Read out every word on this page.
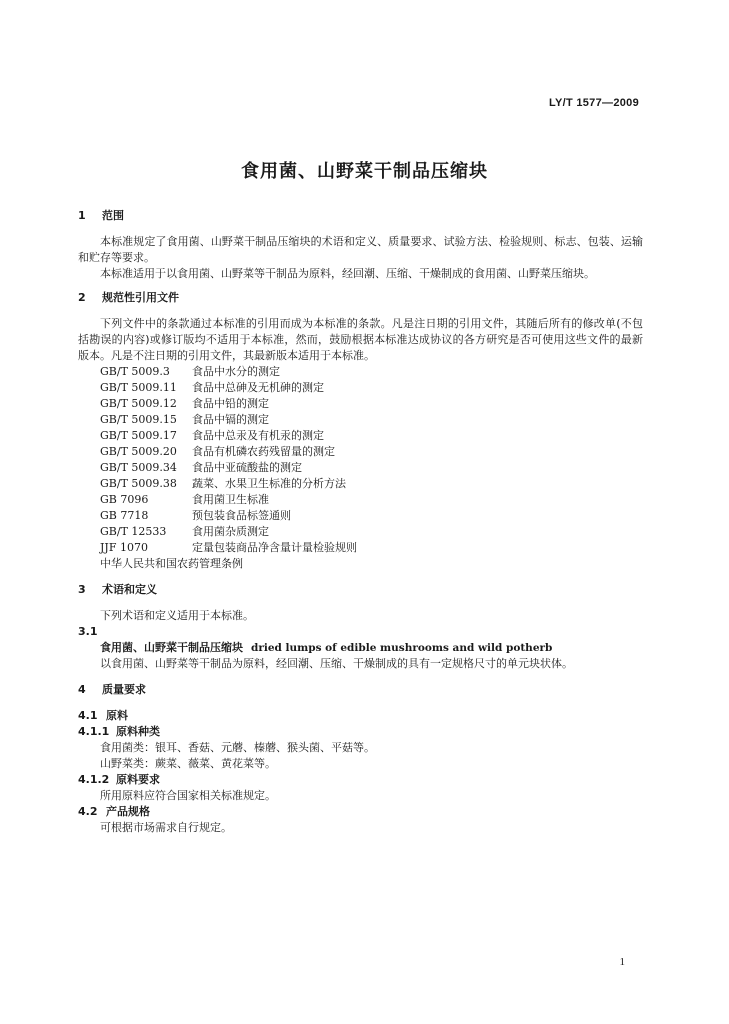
LY/T 1577—2009
食用菌、山野菜干制品压缩块

1 范围

本标准规定了食用菌、山野菜干制品压缩块的术语和定义、质量要求、试验方法、检验规则、标志、包装、运输和贮存等要求。

本标准适用于以食用菌、山野菜等干制品为原料，经回潮、压缩、干燥制成的食用菌、山野菜压缩块。

2 规范性引用文件

下列文件中的条款通过本标准的引用而成为本标准的条款。凡是注日期的引用文件，其随后所有的修改单(不包括勘误的内容)或修订版均不适用于本标准，然而，鼓励根据本标准达成协议的各方研究是否可使用这些文件的最新版本。凡是不注日期的引用文件，其最新版本适用于本标准。

GB/T 5009.3 食品中水分的测定

GB/T 5009.11 食品中总砷及无机砷的测定

GB/T 5009.12 食品中铅的测定

GB/T 5009.15 食品中镉的测定

GB/T 5009.17 食品中总汞及有机汞的测定

GB/T 5009.20 食品有机磷农药残留量的测定

GB/T 5009.34 食品中亚硫酸盐的测定

GB/T 5009.38 蔬菜、水果卫生标准的分析方法

GB 7096	食用菌卫生标准

GB 7718	预包装食品标签通则

GB/T 12533 食用菌杂质测定

JJF 1070	定量包装商品净含量计量检验规则

中华人民共和国农药管理条例

3 术语和定义

下列术语和定义适用于本标准。

3.1

食用菌、山野菜干制品压缩块 dried lumps of edible mushrooms and wild potherb

以食用菌、山野菜等干制品为原料，经回潮、压缩、干燥制成的具有一定规格尺寸的单元块状体。

4 质量要求

4.1 原料

4.1.1 原料种类

食用菌类：银耳、香菇、元蘑、榛蘑、猴头菌、平菇等。

山野菜类：蕨菜、薇菜、黄花菜等。

4.1.2 原料要求

所用原料应符合国家相关标准规定。

4.2 产品规格

可根据市场需求自行规定。

1
